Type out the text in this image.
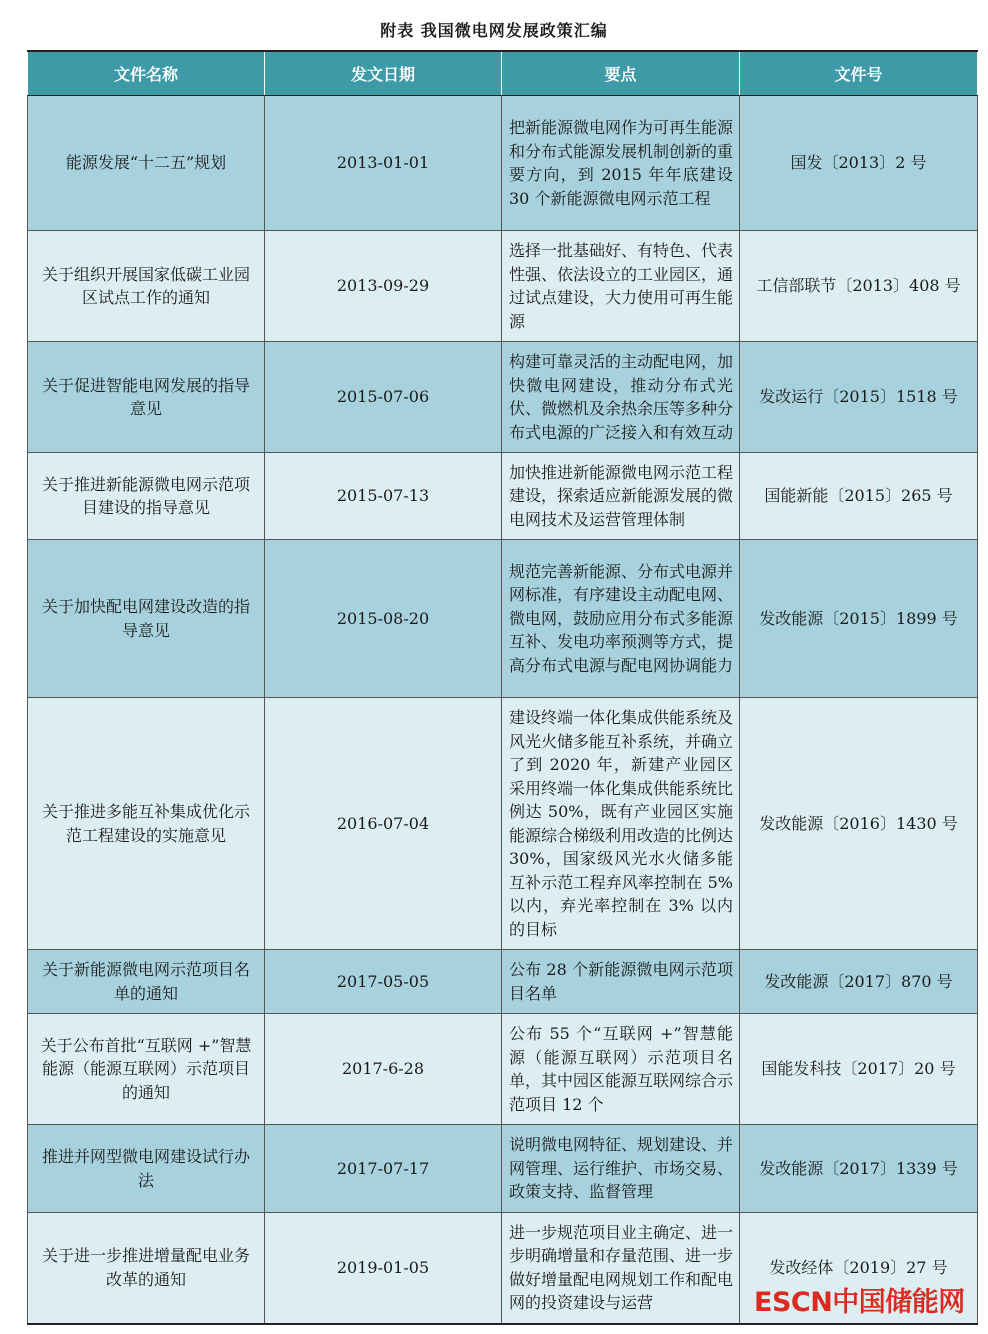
附表 我国微电网发展政策汇编
文件名称	发文日期	要点	文件号
能源发展“十二五”规划	2013-01-01	把新能源微电网作为可再生能源和分布式能源发展机制创新的重要方向，到 2015 年年底建设 30 个新能源微电网示范工程	国发〔2013〕2 号
关于组织开展国家低碳工业园区试点工作的通知	2013-09-29	选择一批基础好、有特色、代表性强、依法设立的工业园区，通过试点建设，大力使用可再生能源	工信部联节〔2013〕408 号
关于促进智能电网发展的指导意见	2015-07-06	构建可靠灵活的主动配电网，加快微电网建设，推动分布式光伏、微燃机及余热余压等多种分布式电源的广泛接入和有效互动	发改运行〔2015〕1518 号
关于推进新能源微电网示范项目建设的指导意见	2015-07-13	加快推进新能源微电网示范工程建设，探索适应新能源发展的微电网技术及运营管理体制	国能新能〔2015〕265 号
关于加快配电网建设改造的指导意见	2015-08-20	规范完善新能源、分布式电源并网标准，有序建设主动配电网、微电网，鼓励应用分布式多能源互补、发电功率预测等方式，提高分布式电源与配电网协调能力	发改能源〔2015〕1899 号
关于推进多能互补集成优化示范工程建设的实施意见	2016-07-04	建设终端一体化集成供能系统及风光火储多能互补系统，并确立了到 2020 年，新建产业园区采用终端一体化集成供能系统比例达 50%，既有产业园区实施能源综合梯级利用改造的比例达 30%，国家级风光水火储多能互补示范工程弃风率控制在 5% 以内，弃光率控制在 3% 以内的目标	发改能源〔2016〕1430 号
关于新能源微电网示范项目名单的通知	2017-05-05	公布 28 个新能源微电网示范项目名单	发改能源〔2017〕870 号
关于公布首批“互联网 +”智慧能源（能源互联网）示范项目的通知	2017-6-28	公布 55 个“互联网 +”智慧能源（能源互联网）示范项目名单，其中园区能源互联网综合示范项目 12 个	国能发科技〔2017〕20 号
推进并网型微电网建设试行办法	2017-07-17	说明微电网特征、规划建设、并网管理、运行维护、市场交易、政策支持、监督管理	发改能源〔2017〕1339 号
关于进一步推进增量配电业务改革的通知	2019-01-05	进一步规范项目业主确定、进一步明确增量和存量范围、进一步做好增量配电网规划工作和配电网的投资建设与运营	发改经体〔2019〕27 号
ESCN中国储能网
